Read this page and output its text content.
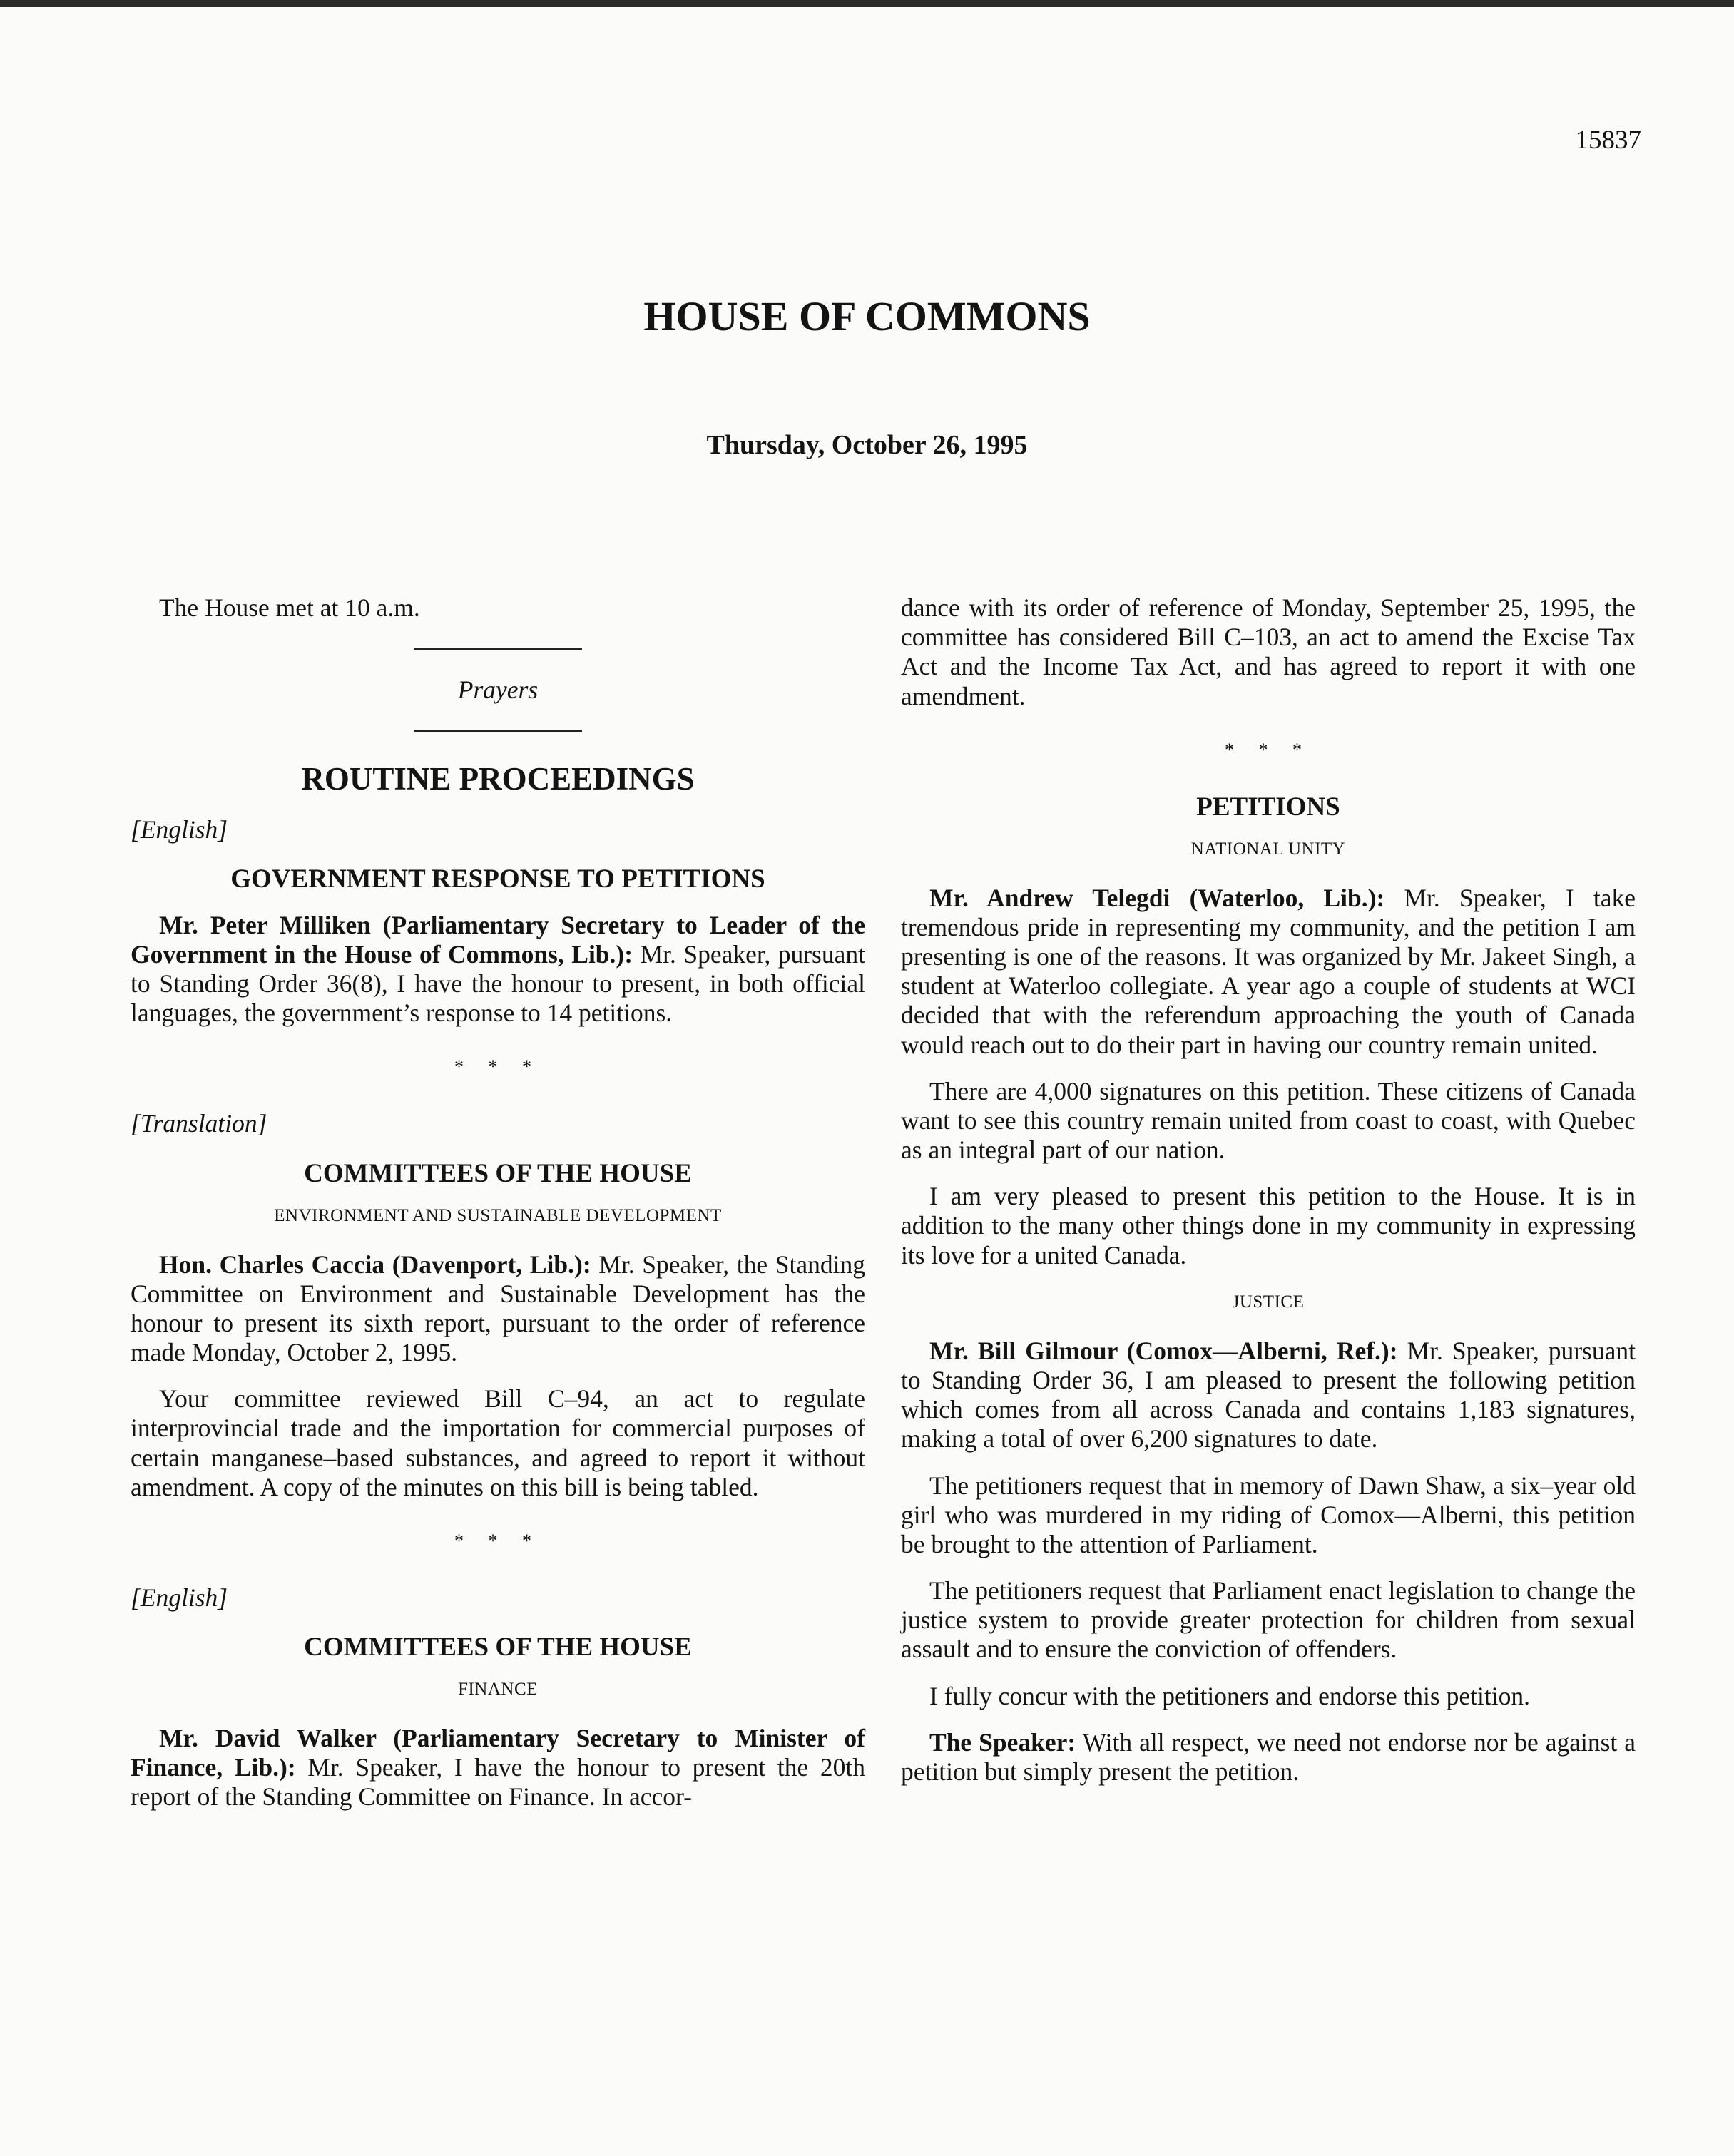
15837
HOUSE OF COMMONS
Thursday, October 26, 1995

The House met at 10 a.m.

Prayers

ROUTINE PROCEEDINGS
[English]
GOVERNMENT RESPONSE TO PETITIONS

Mr. Peter Milliken (Parliamentary Secretary to Leader of the Government in the House of Commons, Lib.): Mr. Speaker, pursuant to Standing Order 36(8), I have the honour to present, in both official languages, the government’s response to 14 petitions.

* * *
[Translation]
COMMITTEES OF THE HOUSE
ENVIRONMENT AND SUSTAINABLE DEVELOPMENT

Hon. Charles Caccia (Davenport, Lib.): Mr. Speaker, the Standing Committee on Environment and Sustainable Development has the honour to present its sixth report, pursuant to the order of reference made Monday, October 2, 1995.

Your committee reviewed Bill C–94, an act to regulate interprovincial trade and the importation for commercial purposes of certain manganese–based substances, and agreed to report it without amendment. A copy of the minutes on this bill is being tabled.

* * *
[English]
COMMITTEES OF THE HOUSE
FINANCE

Mr. David Walker (Parliamentary Secretary to Minister of Finance, Lib.): Mr. Speaker, I have the honour to present the 20th report of the Standing Committee on Finance. In accor-

dance with its order of reference of Monday, September 25, 1995, the committee has considered Bill C–103, an act to amend the Excise Tax Act and the Income Tax Act, and has agreed to report it with one amendment.

* * *
PETITIONS
NATIONAL UNITY

Mr. Andrew Telegdi (Waterloo, Lib.): Mr. Speaker, I take tremendous pride in representing my community, and the petition I am presenting is one of the reasons. It was organized by Mr. Jakeet Singh, a student at Waterloo collegiate. A year ago a couple of students at WCI decided that with the referendum approaching the youth of Canada would reach out to do their part in having our country remain united.

There are 4,000 signatures on this petition. These citizens of Canada want to see this country remain united from coast to coast, with Quebec as an integral part of our nation.

I am very pleased to present this petition to the House. It is in addition to the many other things done in my community in expressing its love for a united Canada.

JUSTICE

Mr. Bill Gilmour (Comox—Alberni, Ref.): Mr. Speaker, pursuant to Standing Order 36, I am pleased to present the following petition which comes from all across Canada and contains 1,183 signatures, making a total of over 6,200 signatures to date.

The petitioners request that in memory of Dawn Shaw, a six–year old girl who was murdered in my riding of Comox—Alberni, this petition be brought to the attention of Parliament.

The petitioners request that Parliament enact legislation to change the justice system to provide greater protection for children from sexual assault and to ensure the conviction of offenders.

I fully concur with the petitioners and endorse this petition.

The Speaker: With all respect, we need not endorse nor be against a petition but simply present the petition.
